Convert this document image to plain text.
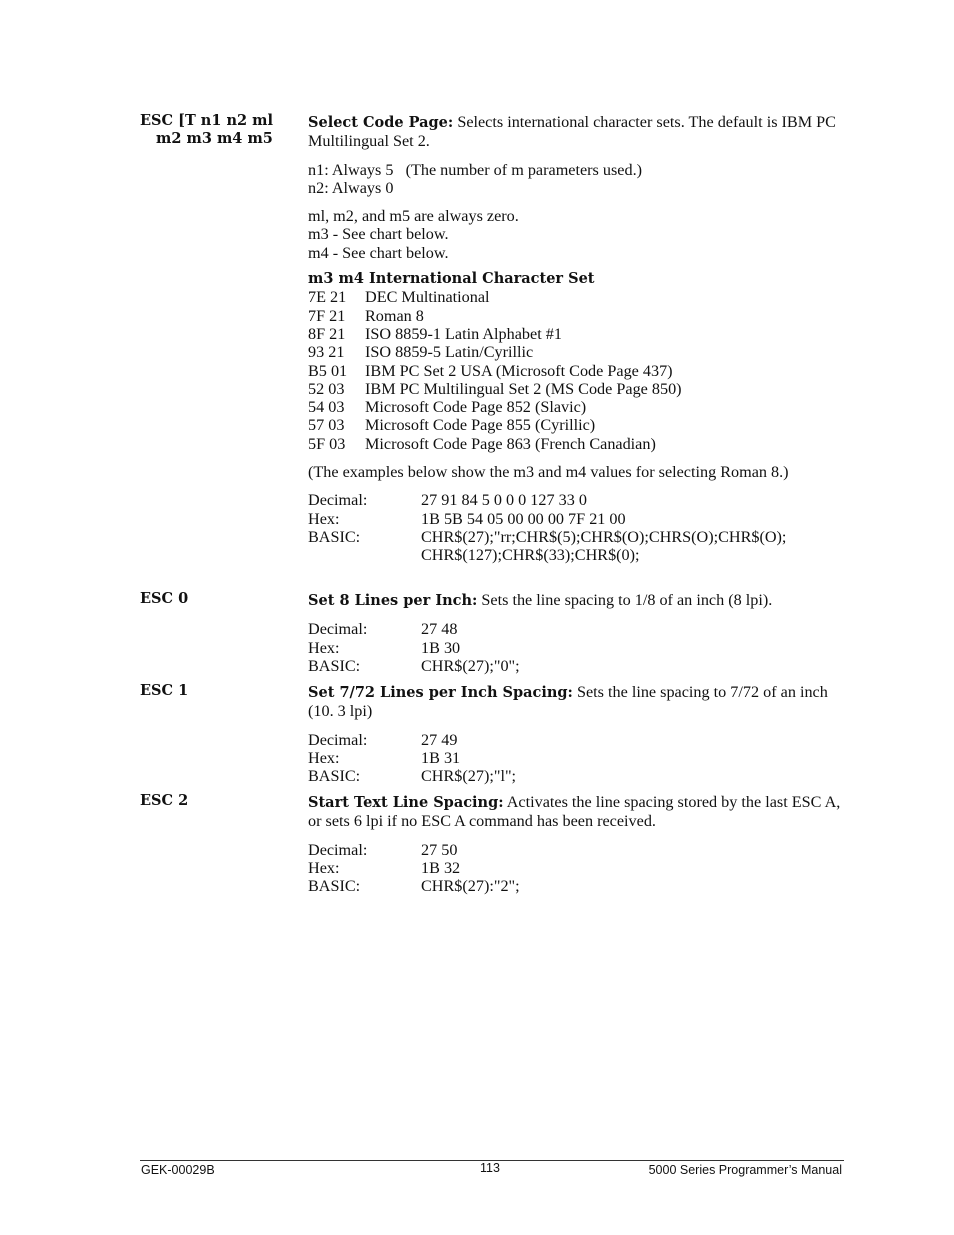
ESC [T n1 n2 ml
m2 m3 m4 m5

Select Code Page: Selects international character sets. The default is IBM PC Multilingual Set 2.

n1: Always 5   (The number of m parameters used.)

n2: Always 0

ml, m2, and m5 are always zero.

m3 - See chart below.

m4 - See chart below.

m3 m4 International Character Set

7E 21	DEC Multinational
7F 21	Roman 8
8F 21	ISO 8859-1 Latin Alphabet #1
93 21	ISO 8859-5 Latin/Cyrillic
B5 01	IBM PC Set 2 USA (Microsoft Code Page 437)
52 03	IBM PC Multilingual Set 2 (MS Code Page 850)
54 03	Microsoft Code Page 852 (Slavic)
57 03	Microsoft Code Page 855 (Cyrillic)
5F 03	Microsoft Code Page 863 (French Canadian)

(The examples below show the m3 and m4 values for selecting Roman 8.)

Decimal:	27 91 84 5 0 0 0 127 33 0
Hex:	1B 5B 54 05 00 00 00 7F 21 00
BASIC:	CHR$(27);"rr;CHR$(5);CHR$(O);CHRS(O);CHR$(O);
CHR$(127);CHR$(33);CHR$(0);
ESC 0	Set 8 Lines per Inch: Sets the line spacing to 1/8 of an inch (8 lpi).

Decimal:	27 48
Hex:	1B 30
BASIC:	CHR$(27);"0";
ESC 1	Set 7/72 Lines per Inch Spacing: Sets the line spacing to 7/72 of an inch (10. 3 lpi)

Decimal:	27 49
Hex:	1B 31
BASIC:	CHR$(27);"l";
ESC 2	Start Text Line Spacing: Activates the line spacing stored by the last ESC A, or sets 6 lpi if no ESC A command has been received.

Decimal:	27 50
Hex:	1B 32
BASIC:	CHR$(27):"2";
GEK-00029B	113	5000 Series Programmer’s Manual
